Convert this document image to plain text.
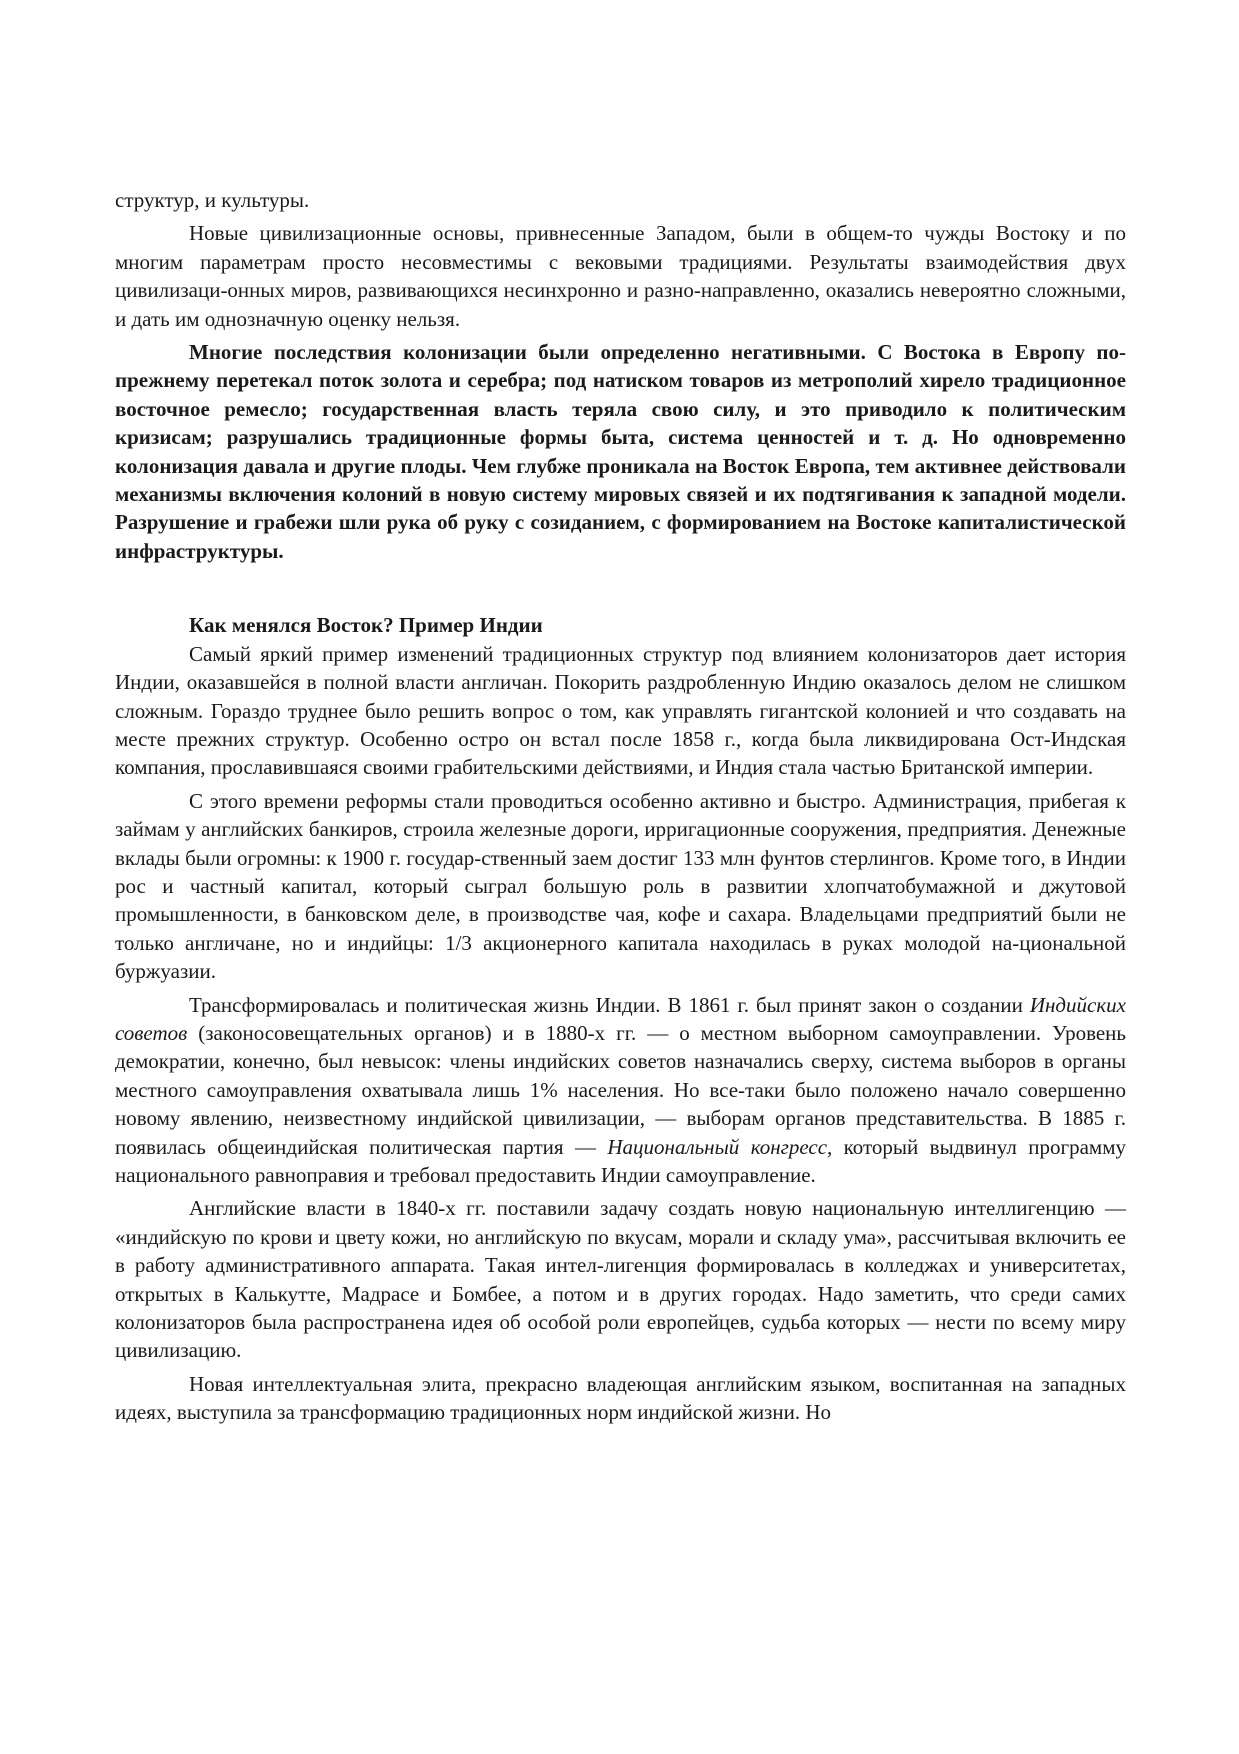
структур, и культуры.

Новые цивилизационные основы, привнесенные Западом, были в общем-то чужды Востоку и по многим параметрам просто несовместимы с вековыми традициями. Результаты взаимодействия двух цивилизаци-онных миров, развивающихся несинхронно и разно-направленно, оказались невероятно сложными, и дать им однозначную оценку нельзя.

Многие последствия колонизации были определенно негативными. С Востока в Европу по-прежнему перетекал поток золота и серебра; под натиском товаров из метрополий хирело традиционное восточное ремесло; государственная власть теряла свою силу, и это приводило к политическим кризисам; разрушались традиционные формы быта, система ценностей и т. д. Но одновременно колонизация давала и другие плоды. Чем глубже проникала на Восток Европа, тем активнее действовали механизмы включения колоний в новую систему мировых связей и их подтягивания к западной модели. Разрушение и грабежи шли рука об руку с созиданием, с формированием на Востоке капиталистической инфраструктуры.

Как менялся Восток? Пример Индии

Самый яркий пример изменений традиционных структур под влиянием колонизаторов дает история Индии, оказавшейся в полной власти англичан. Покорить раздробленную Индию оказалось делом не слишком сложным. Гораздо труднее было решить вопрос о том, как управлять гигантской колонией и что создавать на месте прежних структур. Особенно остро он встал после 1858 г., когда была ликвидирована Ост-Индская компания, прославившаяся своими грабительскими действиями, и Индия стала частью Британской империи.

С этого времени реформы стали проводиться особенно активно и быстро. Администрация, прибегая к займам у английских банкиров, строила железные дороги, ирригационные сооружения, предприятия. Денежные вклады были огромны: к 1900 г. государ-ственный заем достиг 133 млн фунтов стерлингов. Кроме того, в Индии рос и частный капитал, который сыграл большую роль в развитии хлопчатобумажной и джутовой промышленности, в банковском деле, в производстве чая, кофе и сахара. Владельцами предприятий были не только англичане, но и индийцы: 1/3 акционерного капитала находилась в руках молодой на-циональной буржуазии.

Трансформировалась и политическая жизнь Индии. В 1861 г. был принят закон о создании Индийских советов (законосовещательных органов) и в 1880-х гг. — о местном выборном самоуправлении. Уровень демократии, конечно, был невысок: члены индийских советов назначались сверху, система выборов в органы местного самоуправления охватывала лишь 1% населения. Но все-таки было положено начало совершенно новому явлению, неизвестному индийской цивилизации, — выборам органов представительства. В 1885 г. появилась общеиндийская политическая партия — Национальный конгресс, который выдвинул программу национального равноправия и требовал предоставить Индии самоуправление.

Английские власти в 1840-х гг. поставили задачу создать новую национальную интеллигенцию — «индийскую по крови и цвету кожи, но английскую по вкусам, морали и складу ума», рассчитывая включить ее в работу административного аппарата. Такая интел-лигенция формировалась в колледжах и университетах, открытых в Калькутте, Мадрасе и Бомбее, а потом и в других городах. Надо заметить, что среди самих колонизаторов была распространена идея об особой роли европейцев, судьба которых — нести по всему миру цивилизацию.

Новая интеллектуальная элита, прекрасно владеющая английским языком, воспитанная на западных идеях, выступила за трансформацию традиционных норм индийской жизни. Но
